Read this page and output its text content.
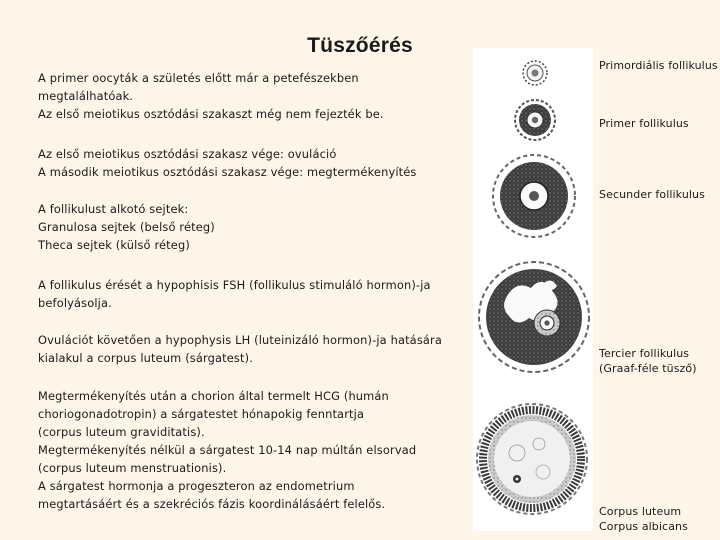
Tüszőérés
A primer oocyták a születés előtt már a petefészekben
megtalálhatóak.
Az első meiotikus osztódási szakaszt még nem fejezték be.
Az első meiotikus osztódási szakasz vége: ovuláció
A második meiotikus osztódási szakasz vége: megtermékenyítés
A follikulust alkotó sejtek:
Granulosa sejtek (belső réteg)
Theca sejtek (külső réteg)
A follikulus érését a hypophisis FSH (follikulus stimuláló hormon)-ja
befolyásolja.
Ovulációt követően a hypophysis LH (luteinizáló hormon)-ja hatására
kialakul a corpus luteum (sárgatest).
Megtermékenyítés után a chorion által termelt HCG (humán
choriogonadotropin) a sárgatestet hónapokig fenntartja
(corpus luteum graviditatis).
Megtermékenyítés nélkül a sárgatest 10-14 nap múltán elsorvad
(corpus luteum menstruationis).
A sárgatest hormonja a progeszteron az endometrium
megtartásáért és a szekréciós fázis koordinálásáért felelős.
Primordiális follikulus
Primer follikulus
Secunder follikulus
Tercier follikulus
(Graaf-féle tüsző)
Corpus luteum
Corpus albicans
